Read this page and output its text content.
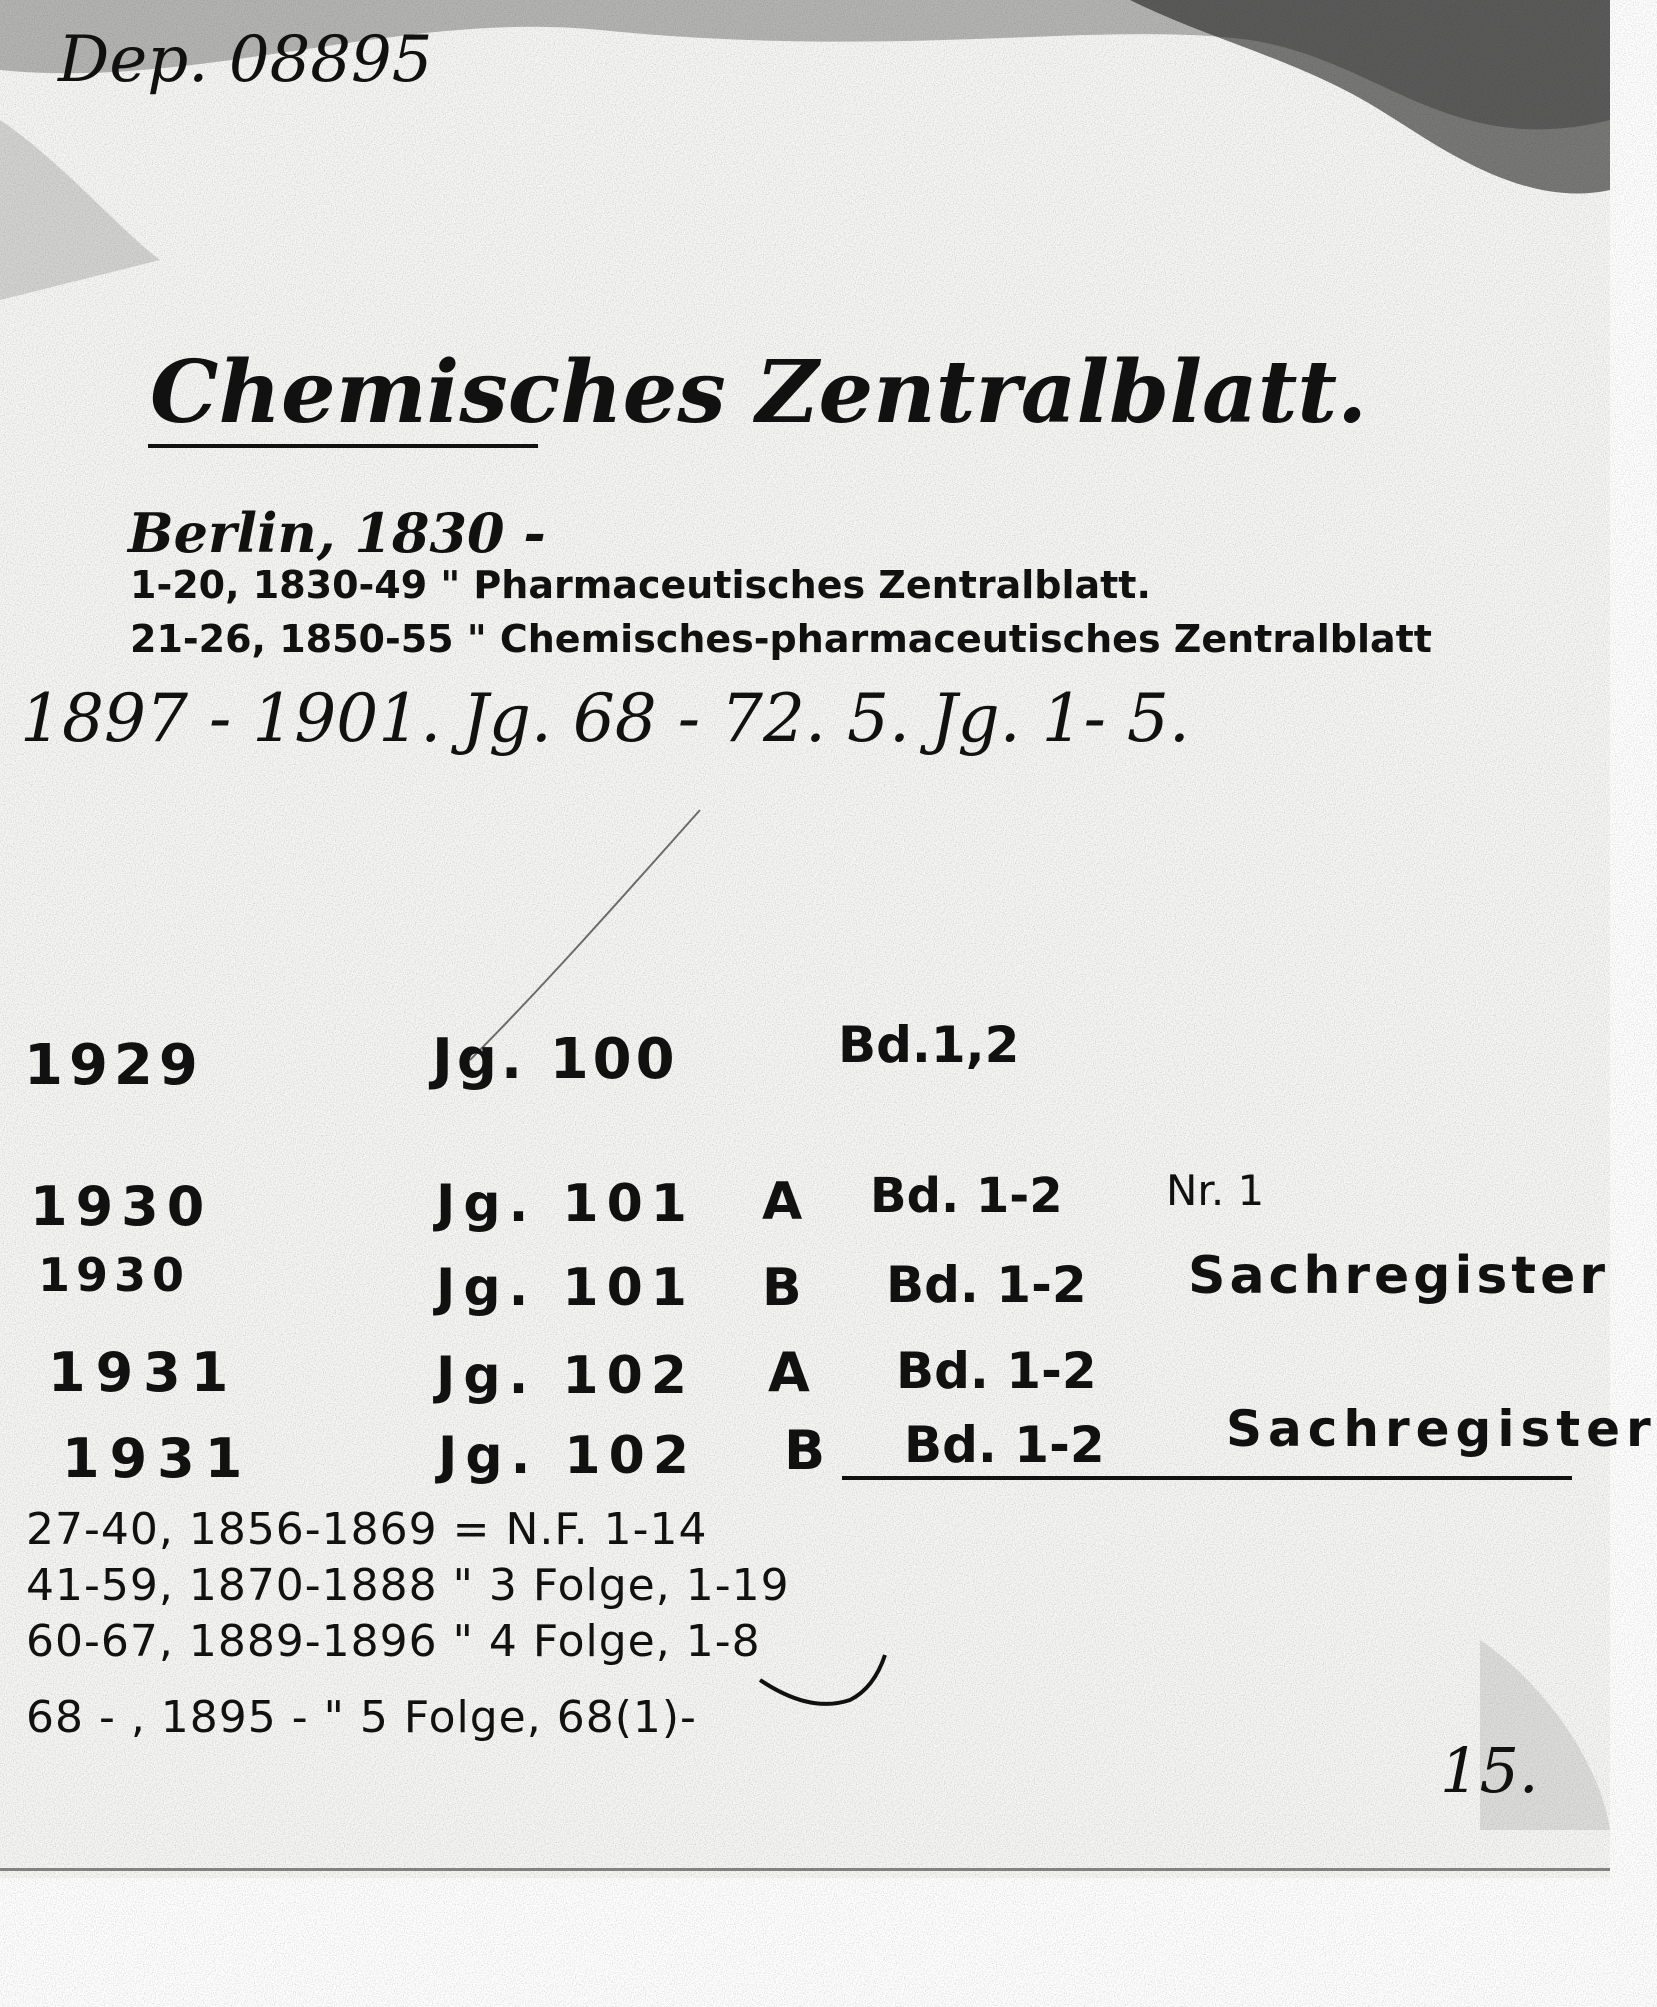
Dep. 08895
Chemisches Zentralblatt.
Berlin, 1830 -
1-20, 1830-49 " Pharmaceutisches Zentralblatt.
21-26, 1850-55 " Chemisches-pharmaceutisches Zentralblatt
1897 - 1901. Jg. 68 - 72. 5. Jg. 1- 5.
1929	Jg. 100	Bd.1,2
1930	Jg. 101 A Bd. 1-2 Nr. 1
1930	Jg. 101 B Bd. 1-2 Sachregister
1931	Jg. 102 A Bd. 1-2
1931	Jg. 102 B Bd. 1-2 Sachregister
27-40, 1856-1869 = N.F. 1-14
41-59, 1870-1888 " 3 Folge, 1-19
60-67, 1889-1896 " 4 Folge, 1-8
68 - , 1895 - " 5 Folge, 68(1)-
15.
